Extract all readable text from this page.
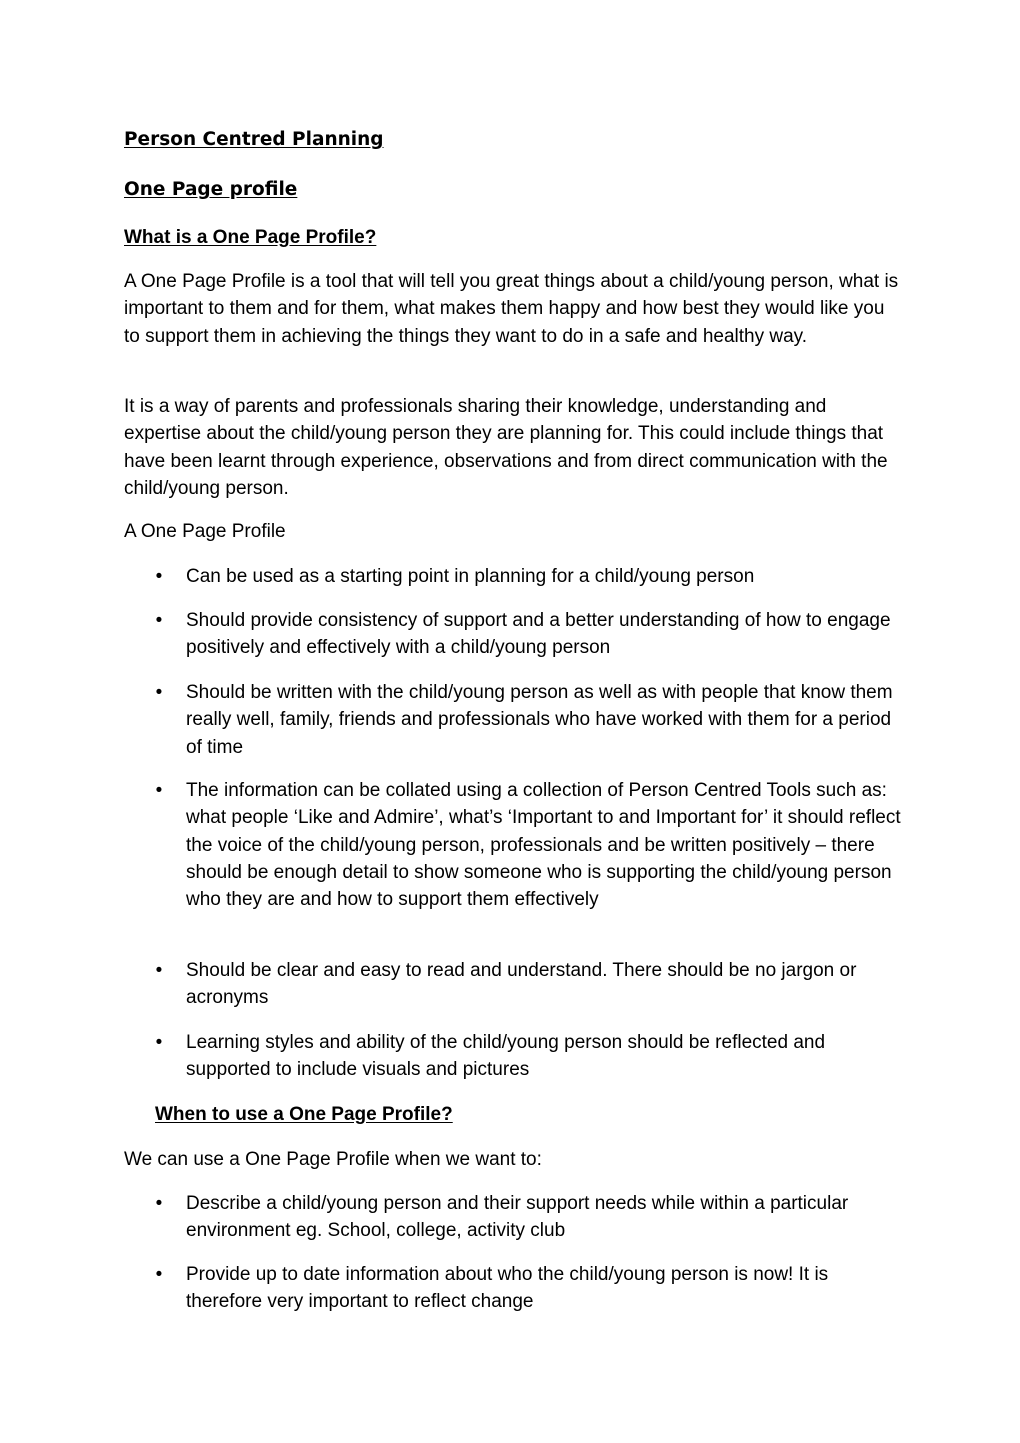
Person Centred Planning

One Page profile

What is a One Page Profile?

A One Page Profile is a tool that will tell you great things about a child/young person, what is important to them and for them, what makes them happy and how best they would like you to support them in achieving the things they want to do in a safe and healthy way.

It is a way of parents and professionals sharing their knowledge, understanding and expertise about the child/young person they are planning for. This could include things that have been learnt through experience, observations and from direct communication with the child/young person.

A One Page Profile

• Can be used as a starting point in planning for a child/young person
• Should provide consistency of support and a better understanding of how to engage positively and effectively with a child/young person
• Should be written with the child/young person as well as with people that know them really well, family, friends and professionals who have worked with them for a period of time
• The information can be collated using a collection of Person Centred Tools such as: what people ‘Like and Admire’, what’s ‘Important to and Important for’ it should reflect the voice of the child/young person, professionals and be written positively – there should be enough detail to show someone who is supporting the child/young person who they are and how to support them effectively
• Should be clear and easy to read and understand. There should be no jargon or acronyms
• Learning styles and ability of the child/young person should be reflected and supported to include visuals and pictures

When to use a One Page Profile?

We can use a One Page Profile when we want to:

• Describe a child/young person and their support needs while within a particular environment eg. School, college, activity club
• Provide up to date information about who the child/young person is now! It is therefore very important to reflect change
